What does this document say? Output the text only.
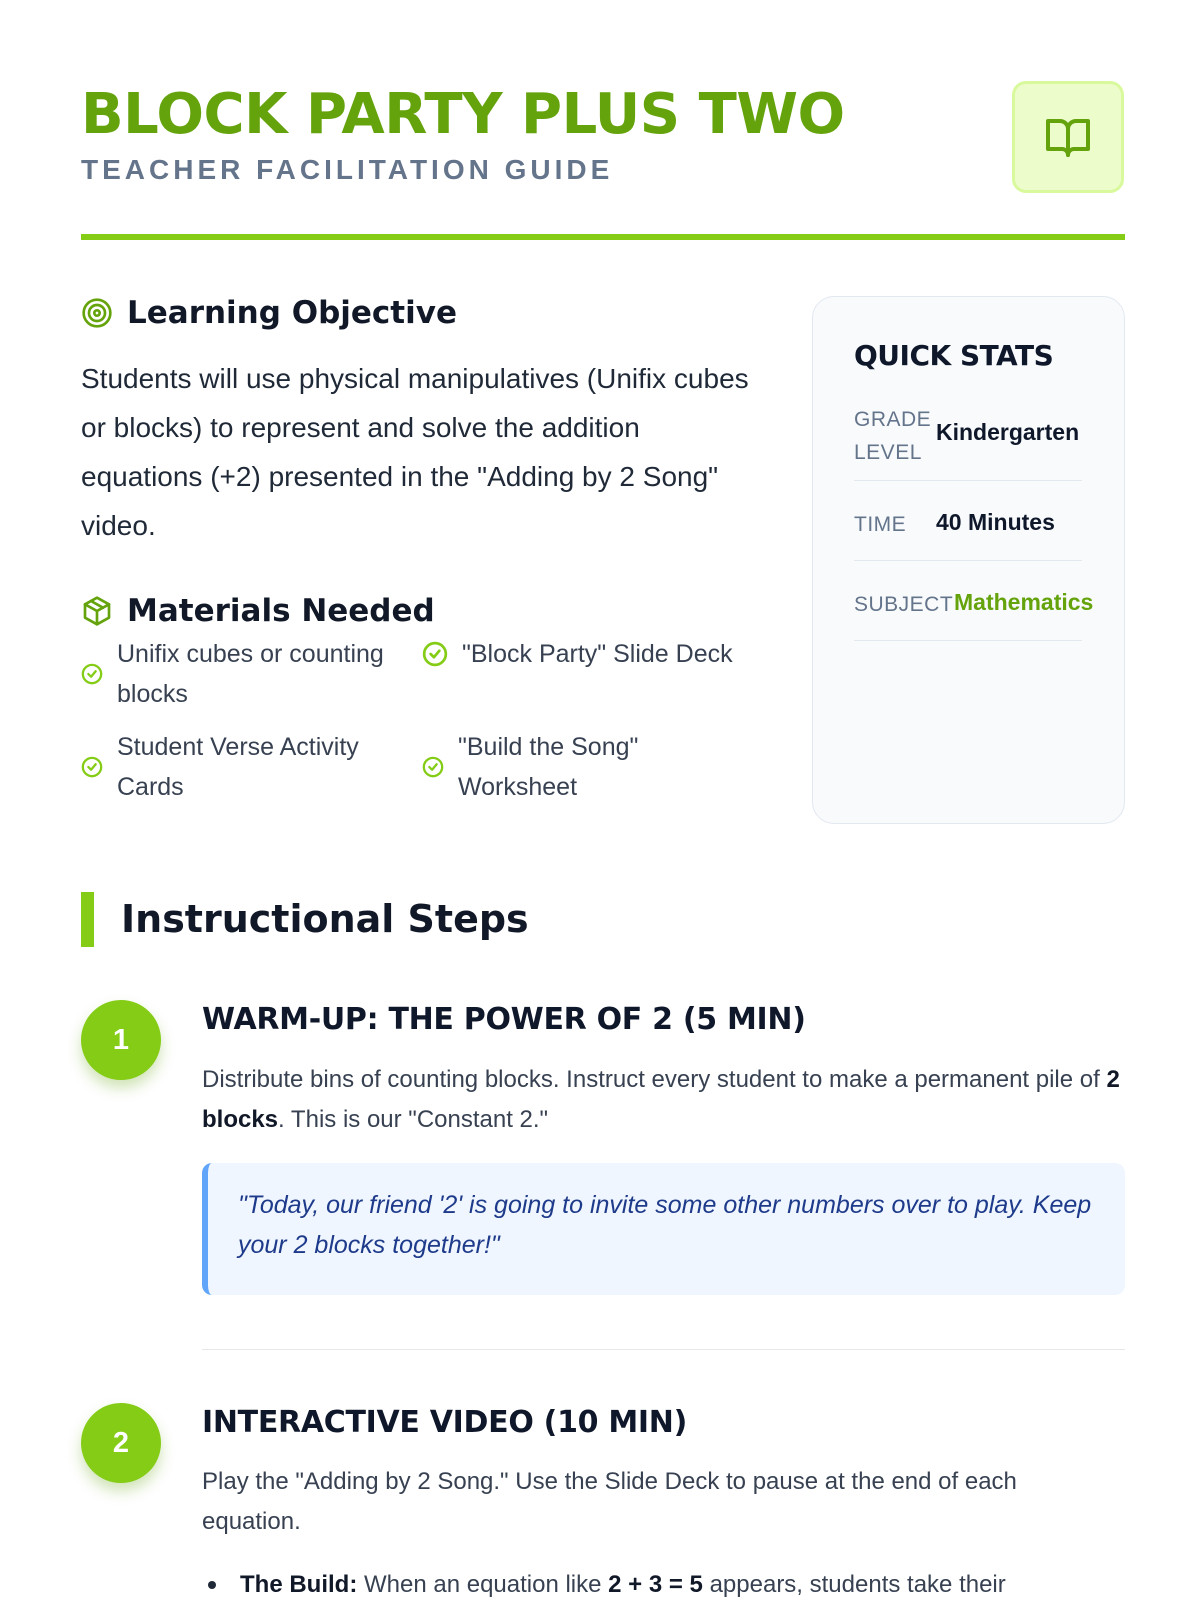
BLOCK PARTY PLUS TWO
TEACHER FACILITATION GUIDE
Learning Objective
Students will use physical manipulatives (Unifix cubes or blocks) to represent and solve the addition equations (+2) presented in the "Adding by 2 Song" video.
Materials Needed
Unifix cubes or counting blocks
"Block Party" Slide Deck
Student Verse Activity Cards
"Build the Song" Worksheet
QUICK STATS
GRADE LEVEL
Kindergarten
TIME 40 Minutes
SUBJECT Mathematics
Instructional Steps
1
WARM-UP: THE POWER OF 2 (5 MIN)
Distribute bins of counting blocks. Instruct every student to make a permanent pile of 2 blocks. This is our "Constant 2."
"Today, our friend '2' is going to invite some other numbers over to play. Keep your 2 blocks together!"
2
INTERACTIVE VIDEO (10 MIN)
Play the "Adding by 2 Song." Use the Slide Deck to pause at the end of each equation.
The Build: When an equation like 2 + 3 = 5 appears, students take their
